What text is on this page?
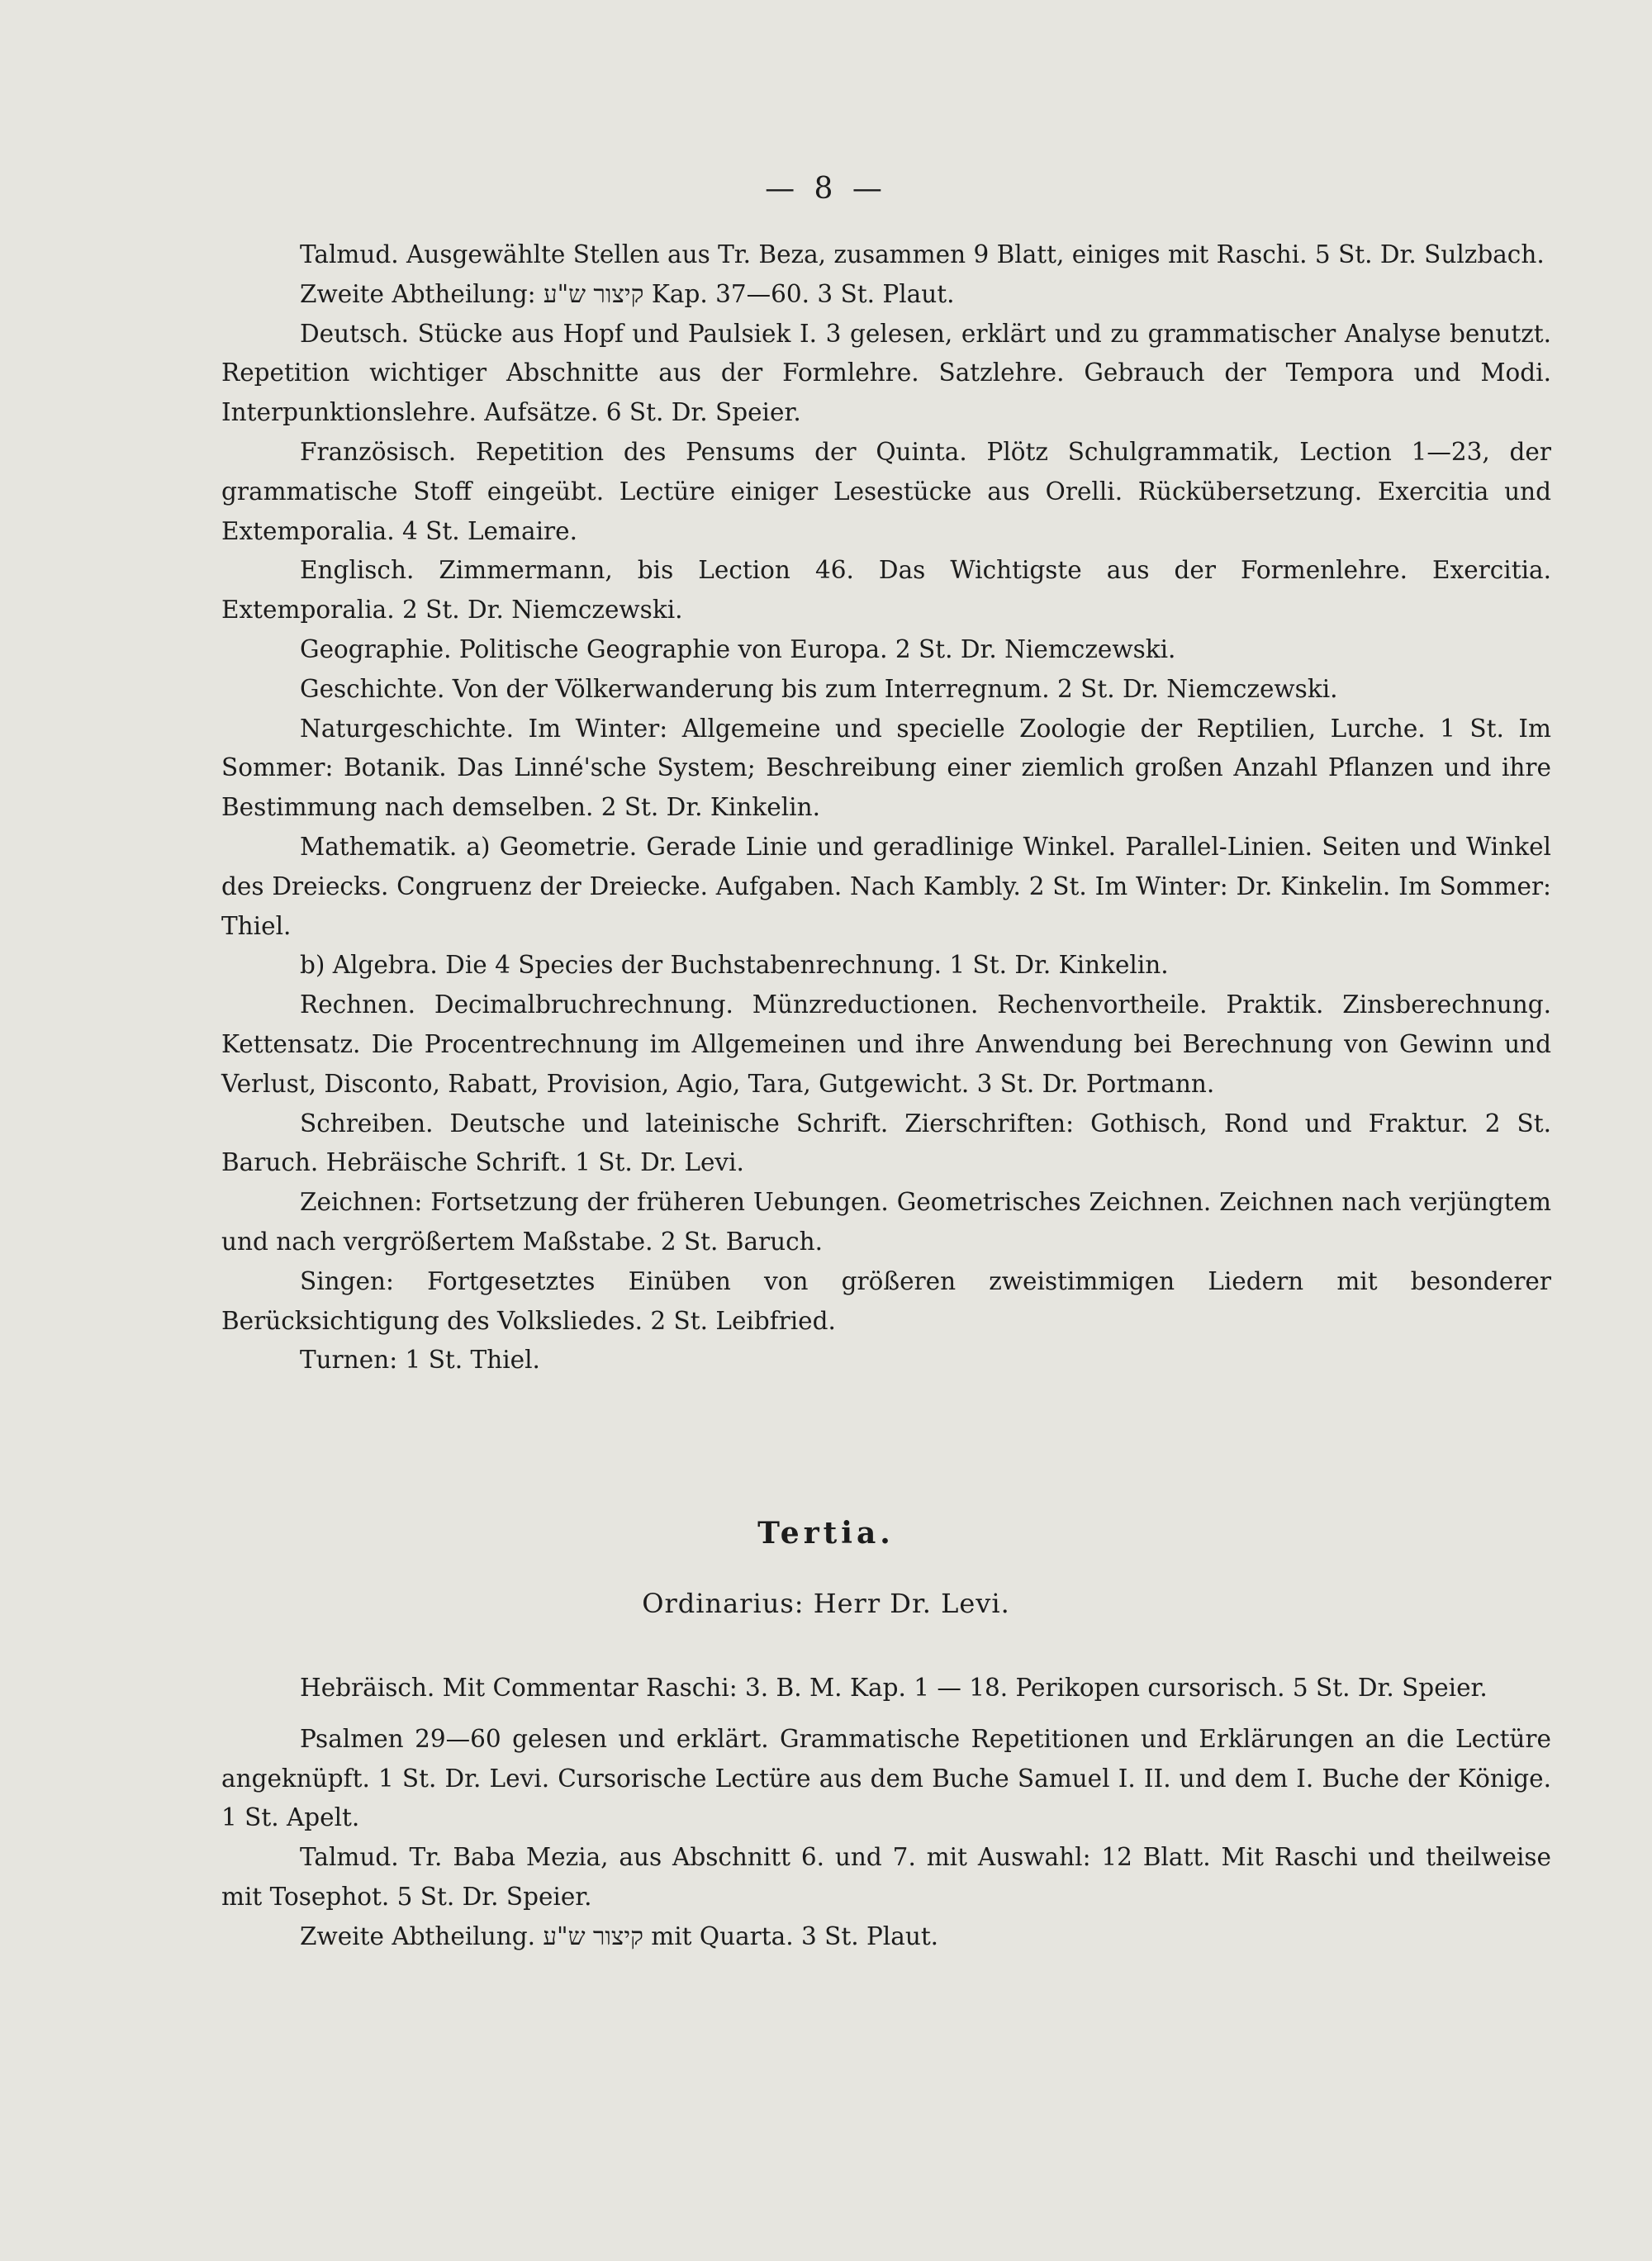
— 8 —

Talmud. Ausgewählte Stellen aus Tr. Beza, zusammen 9 Blatt, einiges mit Raschi. 5 St. Dr. Sulzbach.

Zweite Abtheilung: קיצור ש"ע Kap. 37—60. 3 St. Plaut.

Deutsch. Stücke aus Hopf und Paulsiek I. 3 gelesen, erklärt und zu grammatischer Analyse benutzt. Repetition wichtiger Abschnitte aus der Formlehre. Satzlehre. Gebrauch der Tempora und Modi. Interpunktionslehre. Aufsätze. 6 St. Dr. Speier.

Französisch. Repetition des Pensums der Quinta. Plötz Schulgrammatik, Lection 1—23, der grammatische Stoff eingeübt. Lectüre einiger Lesestücke aus Orelli. Rückübersetzung. Exercitia und Extemporalia. 4 St. Lemaire.

Englisch. Zimmermann, bis Lection 46. Das Wichtigste aus der Formenlehre. Exercitia. Extemporalia. 2 St. Dr. Niemczewski.

Geographie. Politische Geographie von Europa. 2 St. Dr. Niemczewski.

Geschichte. Von der Völkerwanderung bis zum Interregnum. 2 St. Dr. Niemczewski.

Naturgeschichte. Im Winter: Allgemeine und specielle Zoologie der Reptilien, Lurche. 1 St. Im Sommer: Botanik. Das Linné'sche System; Beschreibung einer ziemlich großen Anzahl Pflanzen und ihre Bestimmung nach demselben. 2 St. Dr. Kinkelin.

Mathematik. a) Geometrie. Gerade Linie und geradlinige Winkel. Parallel-Linien. Seiten und Winkel des Dreiecks. Congruenz der Dreiecke. Aufgaben. Nach Kambly. 2 St. Im Winter: Dr. Kinkelin. Im Sommer: Thiel.

b) Algebra. Die 4 Species der Buchstabenrechnung. 1 St. Dr. Kinkelin.

Rechnen. Decimalbruchrechnung. Münzreductionen. Rechenvortheile. Praktik. Zinsberechnung. Kettensatz. Die Procentrechnung im Allgemeinen und ihre Anwendung bei Berechnung von Gewinn und Verlust, Disconto, Rabatt, Provision, Agio, Tara, Gutgewicht. 3 St. Dr. Portmann.

Schreiben. Deutsche und lateinische Schrift. Zierschriften: Gothisch, Rond und Fraktur. 2 St. Baruch. Hebräische Schrift. 1 St. Dr. Levi.

Zeichnen: Fortsetzung der früheren Uebungen. Geometrisches Zeichnen. Zeichnen nach verjüngtem und nach vergrößertem Maßstabe. 2 St. Baruch.

Singen: Fortgesetztes Einüben von größeren zweistimmigen Liedern mit besonderer Berücksichtigung des Volksliedes. 2 St. Leibfried.

Turnen: 1 St. Thiel.

Tertia.
Ordinarius: Herr Dr. Levi.

Hebräisch. Mit Commentar Raschi: 3. B. M. Kap. 1 — 18. Perikopen cursorisch. 5 St. Dr. Speier.

Psalmen 29—60 gelesen und erklärt. Grammatische Repetitionen und Erklärungen an die Lectüre angeknüpft. 1 St. Dr. Levi. Cursorische Lectüre aus dem Buche Samuel I. II. und dem I. Buche der Könige. 1 St. Apelt.

Talmud. Tr. Baba Mezia, aus Abschnitt 6. und 7. mit Auswahl: 12 Blatt. Mit Raschi und theilweise mit Tosephot. 5 St. Dr. Speier.

Zweite Abtheilung. קיצור ש"ע mit Quarta. 3 St. Plaut.
